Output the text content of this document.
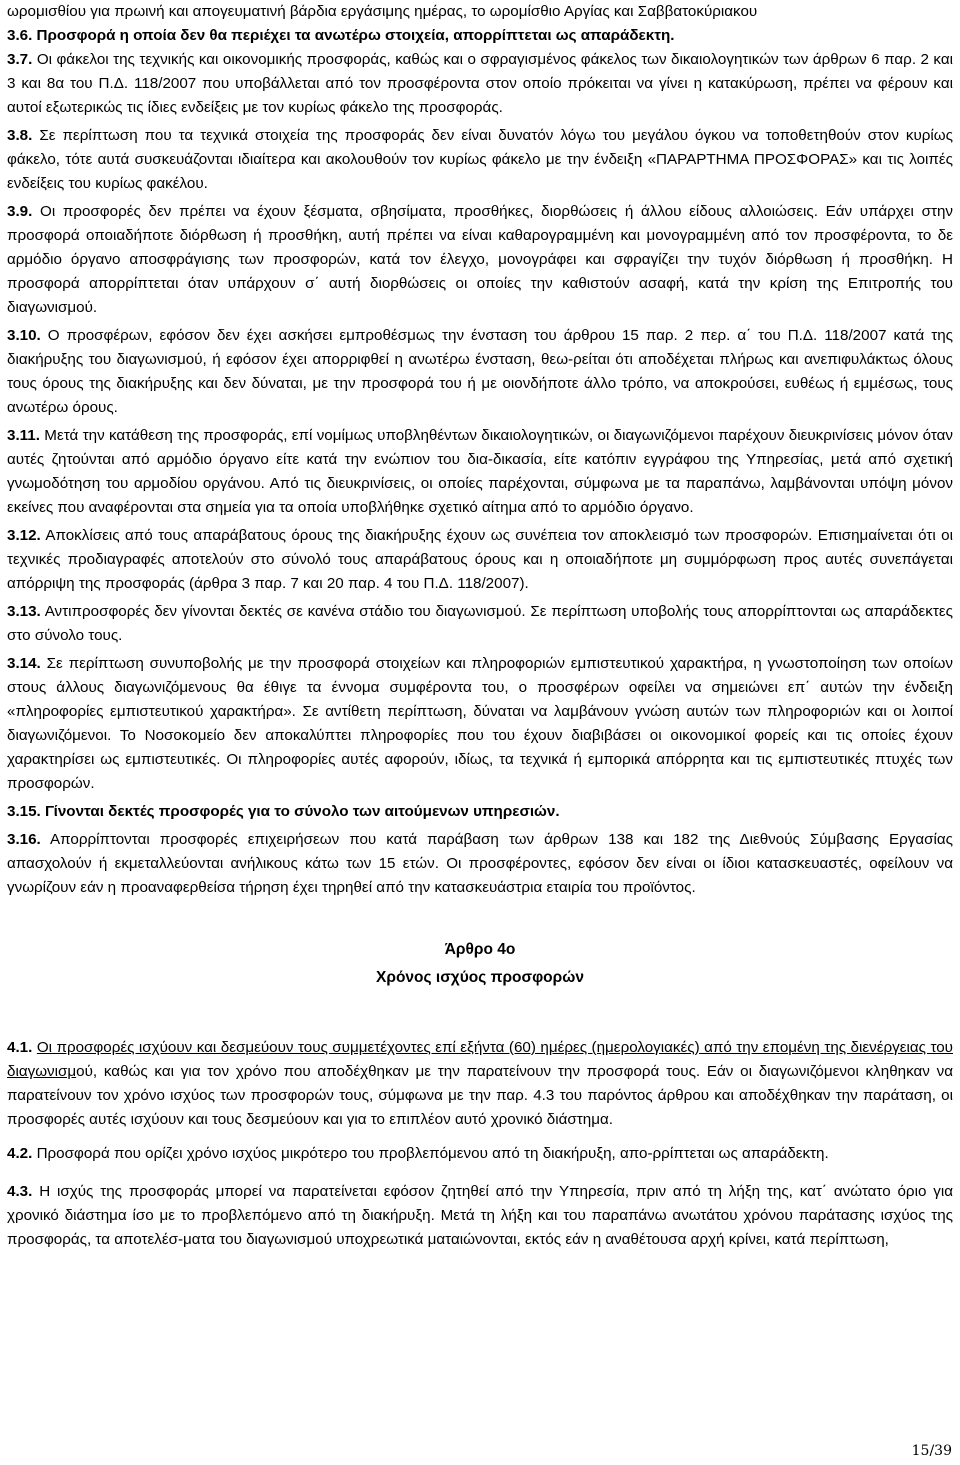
ωρομισθίου για πρωινή και απογευματινή βάρδια εργάσιμης ημέρας, το ωρομίσθιο Αργίας και Σαββατοκύριακου

3.6. Προσφορά η οποία δεν θα περιέχει τα ανωτέρω στοιχεία, απορρίπτεται ως απαράδεκτη.

3.7. Οι φάκελοι της τεχνικής και οικονομικής προσφοράς, καθώς και ο σφραγισμένος φάκελος των δικαιολογητικών των άρθρων 6 παρ. 2 και 3 και 8α του Π.Δ. 118/2007 που υποβάλλεται από τον προσφέροντα στον οποίο πρόκειται να γίνει η κατακύρωση, πρέπει να φέρουν και αυτοί εξωτερικώς τις ίδιες ενδείξεις με τον κυρίως φάκελο της προσφοράς.

3.8. Σε περίπτωση που τα τεχνικά στοιχεία της προσφοράς δεν είναι δυνατόν λόγω του μεγάλου όγκου να τοποθετηθούν στον κυρίως φάκελο, τότε αυτά συσκευάζονται ιδιαίτερα και ακολουθούν τον κυρίως φάκελο με την ένδειξη «ΠΑΡΑΡΤΗΜΑ ΠΡΟΣΦΟΡΑΣ» και τις λοιπές ενδείξεις του κυρίως φακέλου.

3.9. Οι προσφορές δεν πρέπει να έχουν ξέσματα, σβησίματα, προσθήκες, διορθώσεις ή άλλου είδους αλλοιώσεις. Εάν υπάρχει στην προσφορά οποιαδήποτε διόρθωση ή προσθήκη, αυτή πρέπει να είναι καθαρογραμμένη και μονογραμμένη από τον προσφέροντα, το δε αρμόδιο όργανο αποσφράγισης των προσφορών, κατά τον έλεγχο, μονογράφει και σφραγίζει την τυχόν διόρθωση ή προσθήκη. Η προσφορά απορρίπτεται όταν υπάρχουν σ΄ αυτή διορθώσεις οι οποίες την καθιστούν ασαφή, κατά την κρίση της Επιτροπής του διαγωνισμού.

3.10. Ο προσφέρων, εφόσον δεν έχει ασκήσει εμπροθέσμως την ένσταση του άρθρου 15 παρ. 2 περ. α΄ του Π.Δ. 118/2007 κατά της διακήρυξης του διαγωνισμού, ή εφόσον έχει απορριφθεί η ανωτέρω ένσταση, θεω-ρείται ότι αποδέχεται πλήρως και ανεπιφυλάκτως όλους τους όρους της διακήρυξης και δεν δύναται, με την προσφορά του ή με οιονδήποτε άλλο τρόπο, να αποκρούσει, ευθέως ή εμμέσως, τους ανωτέρω όρους.

3.11. Μετά την κατάθεση της προσφοράς, επί νομίμως υποβληθέντων δικαιολογητικών, οι διαγωνιζόμενοι παρέχουν διευκρινίσεις μόνον όταν αυτές ζητούνται από αρμόδιο όργανο είτε κατά την ενώπιον του δια-δικασία, είτε κατόπιν εγγράφου της Υπηρεσίας, μετά από σχετική γνωμοδότηση του αρμοδίου οργάνου. Από τις διευκρινίσεις, οι οποίες παρέχονται, σύμφωνα με τα παραπάνω, λαμβάνονται υπόψη μόνον εκείνες που αναφέρονται στα σημεία για τα οποία υποβλήθηκε σχετικό αίτημα από το αρμόδιο όργανο.

3.12. Αποκλίσεις από τους απαράβατους όρους της διακήρυξης έχουν ως συνέπεια τον αποκλεισμό των προσφορών. Επισημαίνεται ότι οι τεχνικές προδιαγραφές αποτελούν στο σύνολό τους απαράβατους όρους και η οποιαδήποτε μη συμμόρφωση προς αυτές συνεπάγεται απόρριψη της προσφοράς (άρθρα 3 παρ. 7 και 20 παρ. 4 του Π.Δ. 118/2007).

3.13. Αντιπροσφορές δεν γίνονται δεκτές σε κανένα στάδιο του διαγωνισμού. Σε περίπτωση υποβολής τους απορρίπτονται ως απαράδεκτες στο σύνολο τους.

3.14. Σε περίπτωση συνυποβολής με την προσφορά στοιχείων και πληροφοριών εμπιστευτικού χαρακτήρα, η γνωστοποίηση των οποίων στους άλλους διαγωνιζόμενους θα έθιγε τα έννομα συμφέροντα του, ο προσφέρων οφείλει να σημειώνει επ΄ αυτών την ένδειξη «πληροφορίες εμπιστευτικού χαρακτήρα». Σε αντίθετη περίπτωση, δύναται να λαμβάνουν γνώση αυτών των πληροφοριών και οι λοιποί διαγωνιζόμενοι. Το Νοσοκομείο δεν αποκαλύπτει πληροφορίες που του έχουν διαβιβάσει οι οικονομικοί φορείς και τις οποίες έχουν χαρακτηρίσει ως εμπιστευτικές. Οι πληροφορίες αυτές αφορούν, ιδίως, τα τεχνικά ή εμπορικά απόρρητα και τις εμπιστευτικές πτυχές των προσφορών.

3.15. Γίνονται δεκτές προσφορές για το σύνολο των αιτούμενων υπηρεσιών.

3.16. Απορρίπτονται προσφορές επιχειρήσεων που κατά παράβαση των άρθρων 138 και 182 της Διεθνούς Σύμβασης Εργασίας απασχολούν ή εκμεταλλεύονται ανήλικους κάτω των 15 ετών. Οι προσφέροντες, εφόσον δεν είναι οι ίδιοι κατασκευαστές, οφείλουν να γνωρίζουν εάν η προαναφερθείσα τήρηση έχει τηρηθεί από την κατασκευάστρια εταιρία του προϊόντος.

Άρθρο 4ο
Χρόνος ισχύος προσφορών

4.1. Οι προσφορές ισχύουν και δεσμεύουν τους συμμετέχοντες επί εξήντα (60) ημέρες (ημερολογιακές) από την επομένη της διενέργειας του διαγωνισμού, καθώς και για τον χρόνο που αποδέχθηκαν με την παρατείνουν την προσφορά τους. Εάν οι διαγωνιζόμενοι κληθηκαν να παρατείνουν τον χρόνο ισχύος των προσφορών τους, σύμφωνα με την παρ. 4.3 του παρόντος άρθρου και αποδέχθηκαν την παράταση, οι προσφορές αυτές ισχύουν και τους δεσμεύουν και για το επιπλέον αυτό χρονικό διάστημα.

4.2. Προσφορά που ορίζει χρόνο ισχύος μικρότερο του προβλεπόμενου από τη διακήρυξη, απο-ρρίπτεται ως απαράδεκτη.

4.3. Η ισχύς της προσφοράς μπορεί να παρατείνεται εφόσον ζητηθεί από την Υπηρεσία, πριν από τη λήξη της, κατ΄ ανώτατο όριο για χρονικό διάστημα ίσο με το προβλεπόμενο από τη διακήρυξη. Μετά τη λήξη και του παραπάνω ανωτάτου χρόνου παράτασης ισχύος της προσφοράς, τα αποτελέσ-ματα του διαγωνισμού υποχρεωτικά ματαιώνονται, εκτός εάν η αναθέτουσα αρχή κρίνει, κατά περίπτωση,

15/39
